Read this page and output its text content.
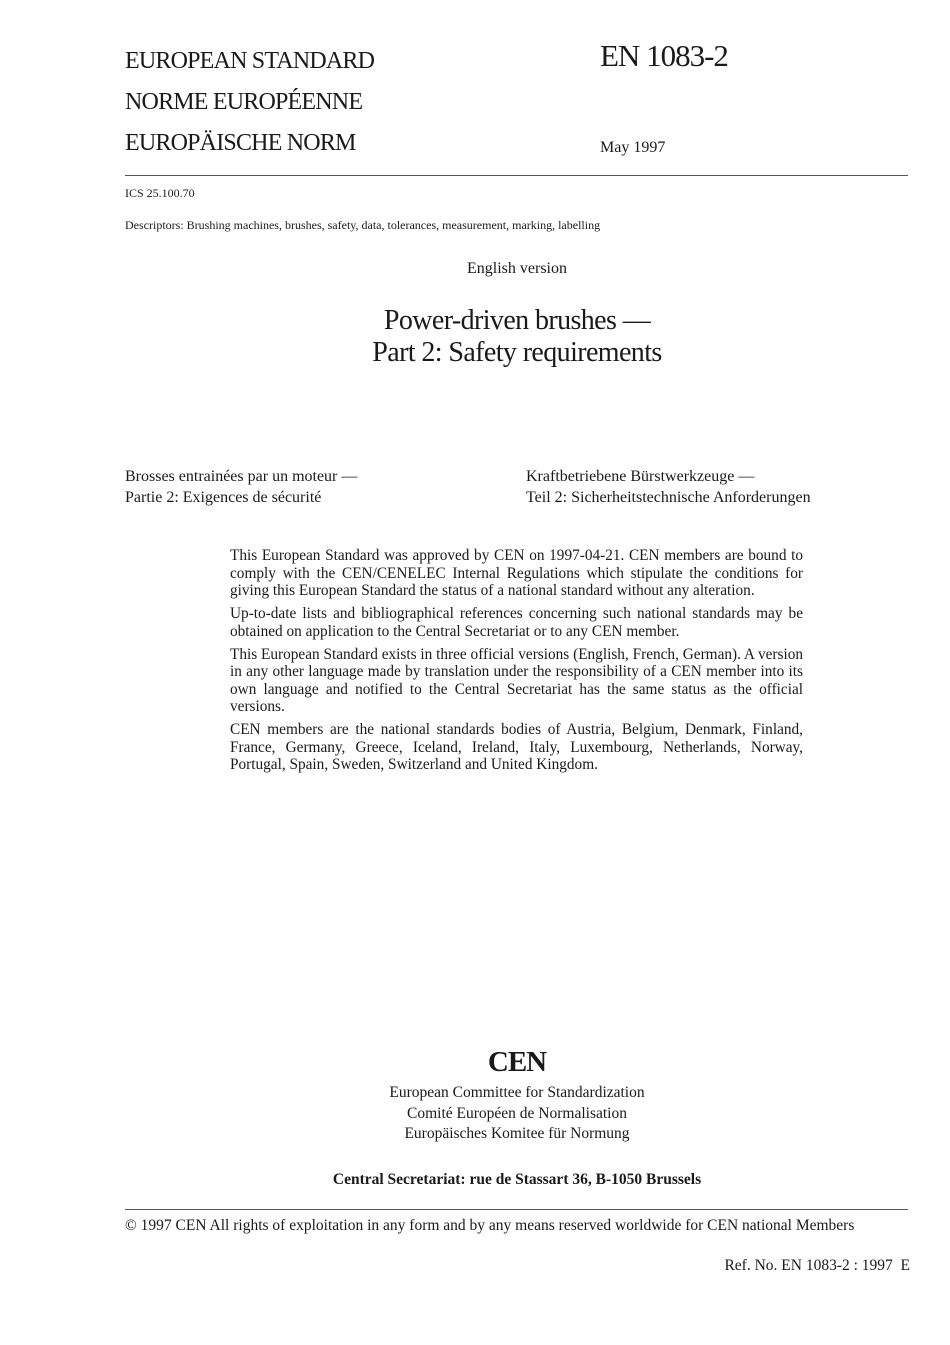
EUROPEAN STANDARD
NORME EUROPÉENNE
EUROPÄISCHE NORM
EN 1083-2
May 1997
ICS 25.100.70
Descriptors: Brushing machines, brushes, safety, data, tolerances, measurement, marking, labelling
English version
Power-driven brushes —
Part 2: Safety requirements
Brosses entrainées par un moteur —
Partie 2: Exigences de sécurité
Kraftbetriebene Bürstwerkzeuge —
Teil 2: Sicherheitstechnische Anforderungen

This European Standard was approved by CEN on 1997-04-21. CEN members are bound to comply with the CEN/CENELEC Internal Regulations which stipulate the conditions for giving this European Standard the status of a national standard without any alteration.

Up-to-date lists and bibliographical references concerning such national standards may be obtained on application to the Central Secretariat or to any CEN member.

This European Standard exists in three official versions (English, French, German). A version in any other language made by translation under the responsibility of a CEN member into its own language and notified to the Central Secretariat has the same status as the official versions.

CEN members are the national standards bodies of Austria, Belgium, Denmark, Finland, France, Germany, Greece, Iceland, Ireland, Italy, Luxembourg, Netherlands, Norway, Portugal, Spain, Sweden, Switzerland and United Kingdom.

CEN
European Committee for Standardization
Comité Européen de Normalisation
Europäisches Komitee für Normung
Central Secretariat: rue de Stassart 36, B-1050 Brussels
© 1997 CEN All rights of exploitation in any form and by any means reserved worldwide for CEN national Members
Ref. No. EN 1083-2 : 1997  E
